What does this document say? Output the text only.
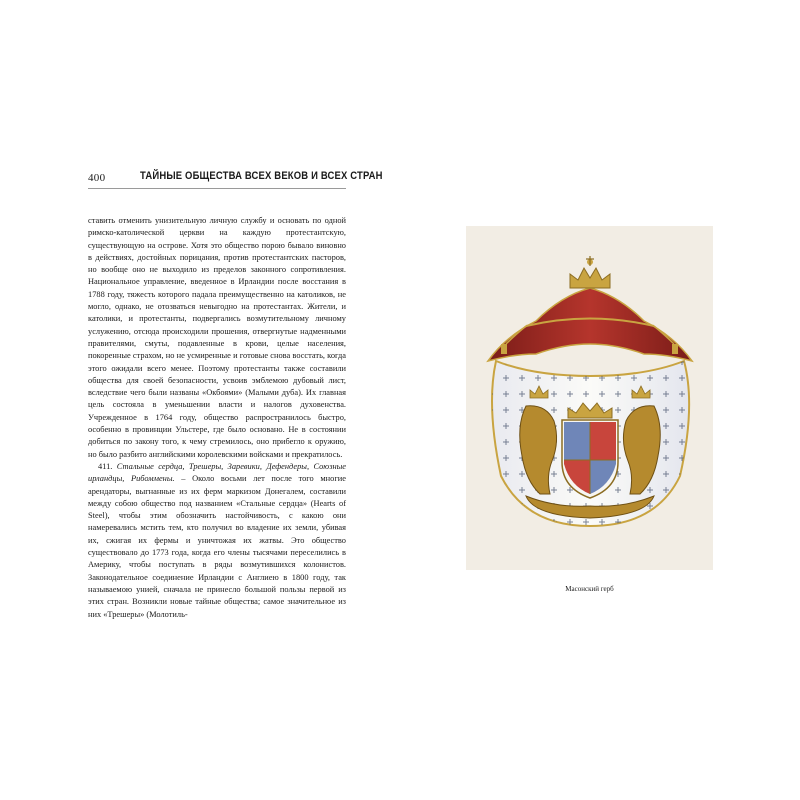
400	ТАЙНЫЕ ОБЩЕСТВА ВСЕХ ВЕКОВ И ВСЕХ СТРАН

ставить отменить унизительную личную службу и основать по одной римско-католической церкви на каждую протестантскую, существующую на острове. Хотя это общество порою бывало виновно в действиях, достойных порицания, против протестантских пасторов, но вообще оно не выходило из пределов законного сопротивления. Национальное управление, введенное в Ирландии после восстания в 1788 году, тяжесть которого падала преимущественно на католиков, не могло, однако, не отозваться невыгодно на протестантах. Жители, и католики, и протестанты, подвергались возмутительному личному услужению, отсюда происходили прошения, отвергнутые надменными правителями, смуты, подавленные в крови, целые населения, покоренные страхом, но не усмиренные и готовые снова восстать, когда этого ожидали всего менее. Поэтому протестанты также составили общества для своей безопасности, усвоив эмблемою дубовый лист, вследствие чего были названы «Окбоями» (Малыми дуба). Их главная цель состояла в уменьшении власти и налогов духовенства. Учрежденное в 1764 году, общество распространилось быстро, особенно в провинции Ульстере, где было основано. Не в состоянии добиться по закону того, к чему стремилось, оно прибегло к оружию, но было разбито английскими королевскими войсками и прекратилось.

411. Стальные сердца, Трешеры, Заревики, Дефендеры, Союзные ирландцы, Рибоммены. – Около восьми лет после того многие арендаторы, выгнанные из их ферм маркизом Донегалем, составили между собою общество под названием «Стальные сердца» (Hearts of Steel), чтобы этим обозначить настойчивость, с какою они намеревались мстить тем, кто получил во владение их земли, убивая их, сжигая их фермы и уничтожая их жатвы. Это общество существовало до 1773 года, когда его члены тысячами переселились в Америку, чтобы поступать в ряды возмутившихся колонистов. Законодательное соединение Ирландии с Англиею в 1800 году, так называемою унией, сначала не принесло большой пользы первой из этих стран. Возникли новые тайные общества; самое значительное из них «Трешеры» (Молотиль-

Масонский герб
